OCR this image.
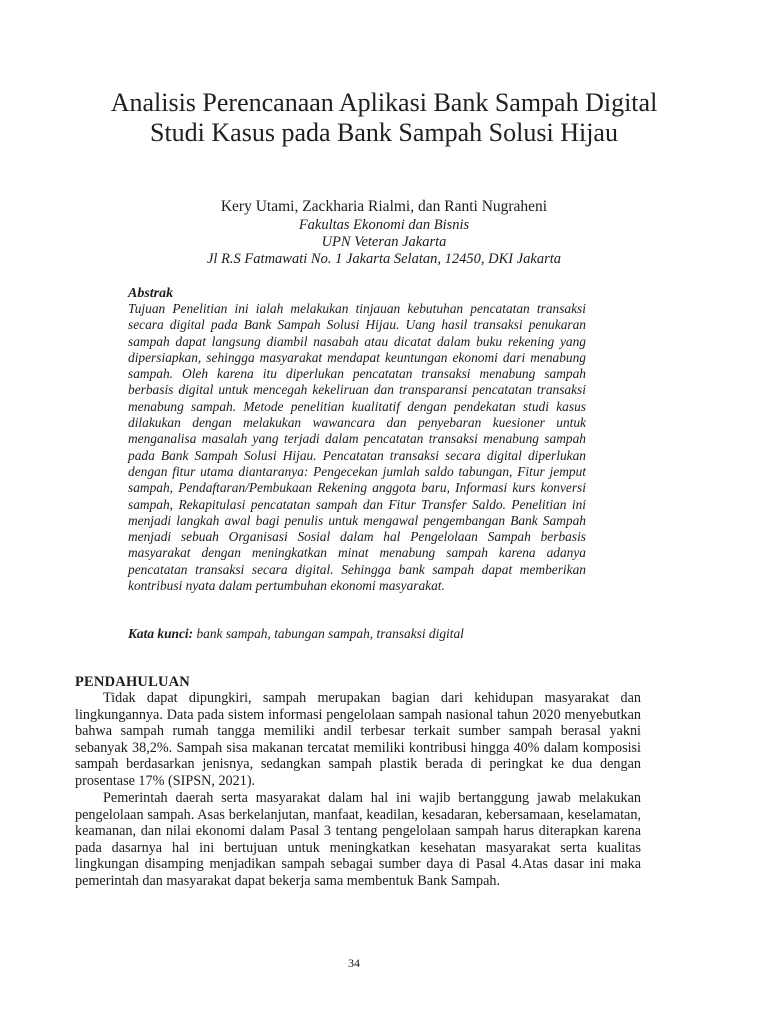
Analisis Perencanaan Aplikasi Bank Sampah Digital Studi Kasus pada Bank Sampah Solusi Hijau
Kery Utami, Zackharia Rialmi, dan Ranti Nugraheni
Fakultas Ekonomi dan Bisnis
UPN Veteran Jakarta
Jl R.S Fatmawati No. 1 Jakarta Selatan, 12450, DKI Jakarta
Abstrak

Tujuan Penelitian ini ialah melakukan tinjauan kebutuhan pencatatan transaksi secara digital pada Bank Sampah Solusi Hijau. Uang hasil transaksi penukaran sampah dapat langsung diambil nasabah atau dicatat dalam buku rekening yang dipersiapkan, sehingga masyarakat mendapat keuntungan ekonomi dari menabung sampah. Oleh karena itu diperlukan pencatatan transaksi menabung sampah berbasis digital untuk mencegah kekeliruan dan transparansi pencatatan transaksi menabung sampah. Metode penelitian kualitatif dengan pendekatan studi kasus dilakukan dengan melakukan wawancara dan penyebaran kuesioner untuk menganalisa masalah yang terjadi dalam pencatatan transaksi menabung sampah pada Bank Sampah Solusi Hijau. Pencatatan transaksi secara digital diperlukan dengan fitur utama diantaranya: Pengecekan jumlah saldo tabungan, Fitur jemput sampah, Pendaftaran/Pembukaan Rekening anggota baru, Informasi kurs konversi sampah, Rekapitulasi pencatatan sampah dan Fitur Transfer Saldo. Penelitian ini menjadi langkah awal bagi penulis untuk mengawal pengembangan Bank Sampah menjadi sebuah Organisasi Sosial dalam hal Pengelolaan Sampah berbasis masyarakat dengan meningkatkan minat menabung sampah karena adanya pencatatan transaksi secara digital. Sehingga bank sampah dapat memberikan kontribusi nyata dalam pertumbuhan ekonomi masyarakat.

Kata kunci: bank sampah, tabungan sampah, transaksi digital
PENDAHULUAN

Tidak dapat dipungkiri, sampah merupakan bagian dari kehidupan masyarakat dan lingkungannya. Data pada sistem informasi pengelolaan sampah nasional tahun 2020 menyebutkan bahwa sampah rumah tangga memiliki andil terbesar terkait sumber sampah berasal yakni sebanyak 38,2%. Sampah sisa makanan tercatat memiliki kontribusi hingga 40% dalam komposisi sampah berdasarkan jenisnya, sedangkan sampah plastik berada di peringkat ke dua dengan prosentase 17% (SIPSN, 2021).

Pemerintah daerah serta masyarakat dalam hal ini wajib bertanggung jawab melakukan pengelolaan sampah. Asas berkelanjutan, manfaat, keadilan, kesadaran, kebersamaan, keselamatan, keamanan, dan nilai ekonomi dalam Pasal 3 tentang pengelolaan sampah harus diterapkan karena pada dasarnya hal ini bertujuan untuk meningkatkan kesehatan masyarakat serta kualitas lingkungan disamping menjadikan sampah sebagai sumber daya di Pasal 4.Atas dasar ini maka pemerintah dan masyarakat dapat bekerja sama membentuk Bank Sampah.

34
